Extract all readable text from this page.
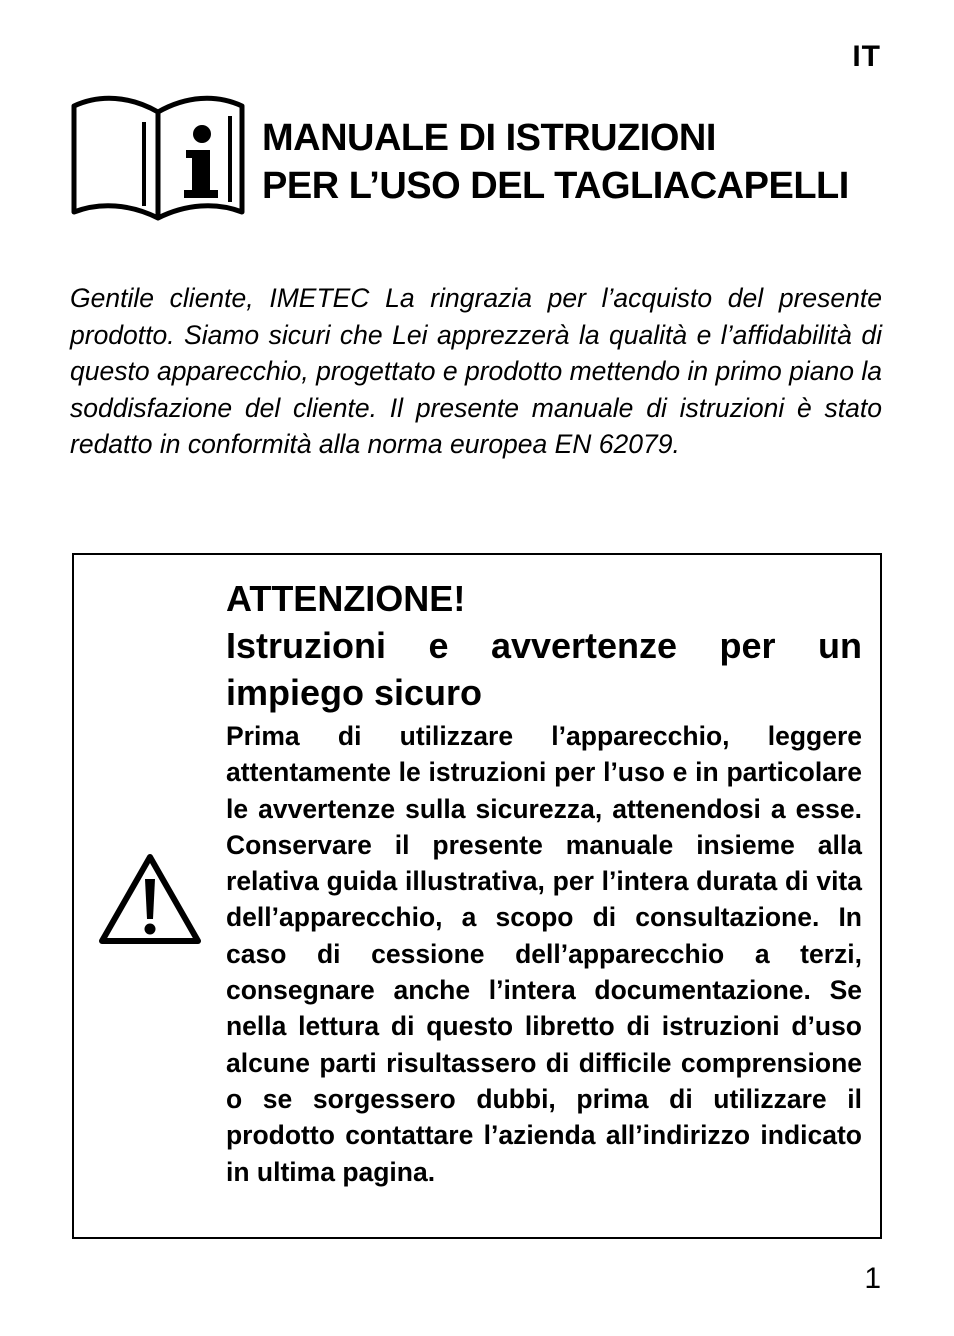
IT
MANUALE DI ISTRUZIONI
PER L’USO DEL TAGLIACAPELLI
Gentile cliente, IMETEC La ringrazia per l’acquisto del presente prodotto. Siamo sicuri che Lei apprezzerà la qualità e l’affidabilità di questo apparecchio, progettato e prodotto mettendo in primo piano la soddisfazione del cliente. Il presente manuale di istruzioni è stato redatto in conformità alla norma europea EN 62079.
ATTENZIONE!
Istruzioni e avvertenze per un impiego sicuro
Prima di utilizzare l’apparecchio, leggere attentamente le istruzioni per l’uso e in particolare le avvertenze sulla sicurezza, attenendosi a esse. Conservare il presente manuale insieme alla relativa guida illustrativa, per l’intera durata di vita dell’apparecchio, a scopo di consultazione. In caso di cessione dell’apparecchio a terzi, consegnare anche l’intera documentazione. Se nella lettura di questo libretto di istruzioni d’uso alcune parti risultassero di difficile comprensione o se sorgessero dubbi, prima di utilizzare il prodotto contattare l’azienda all’indirizzo indicato in ultima pagina.
1
